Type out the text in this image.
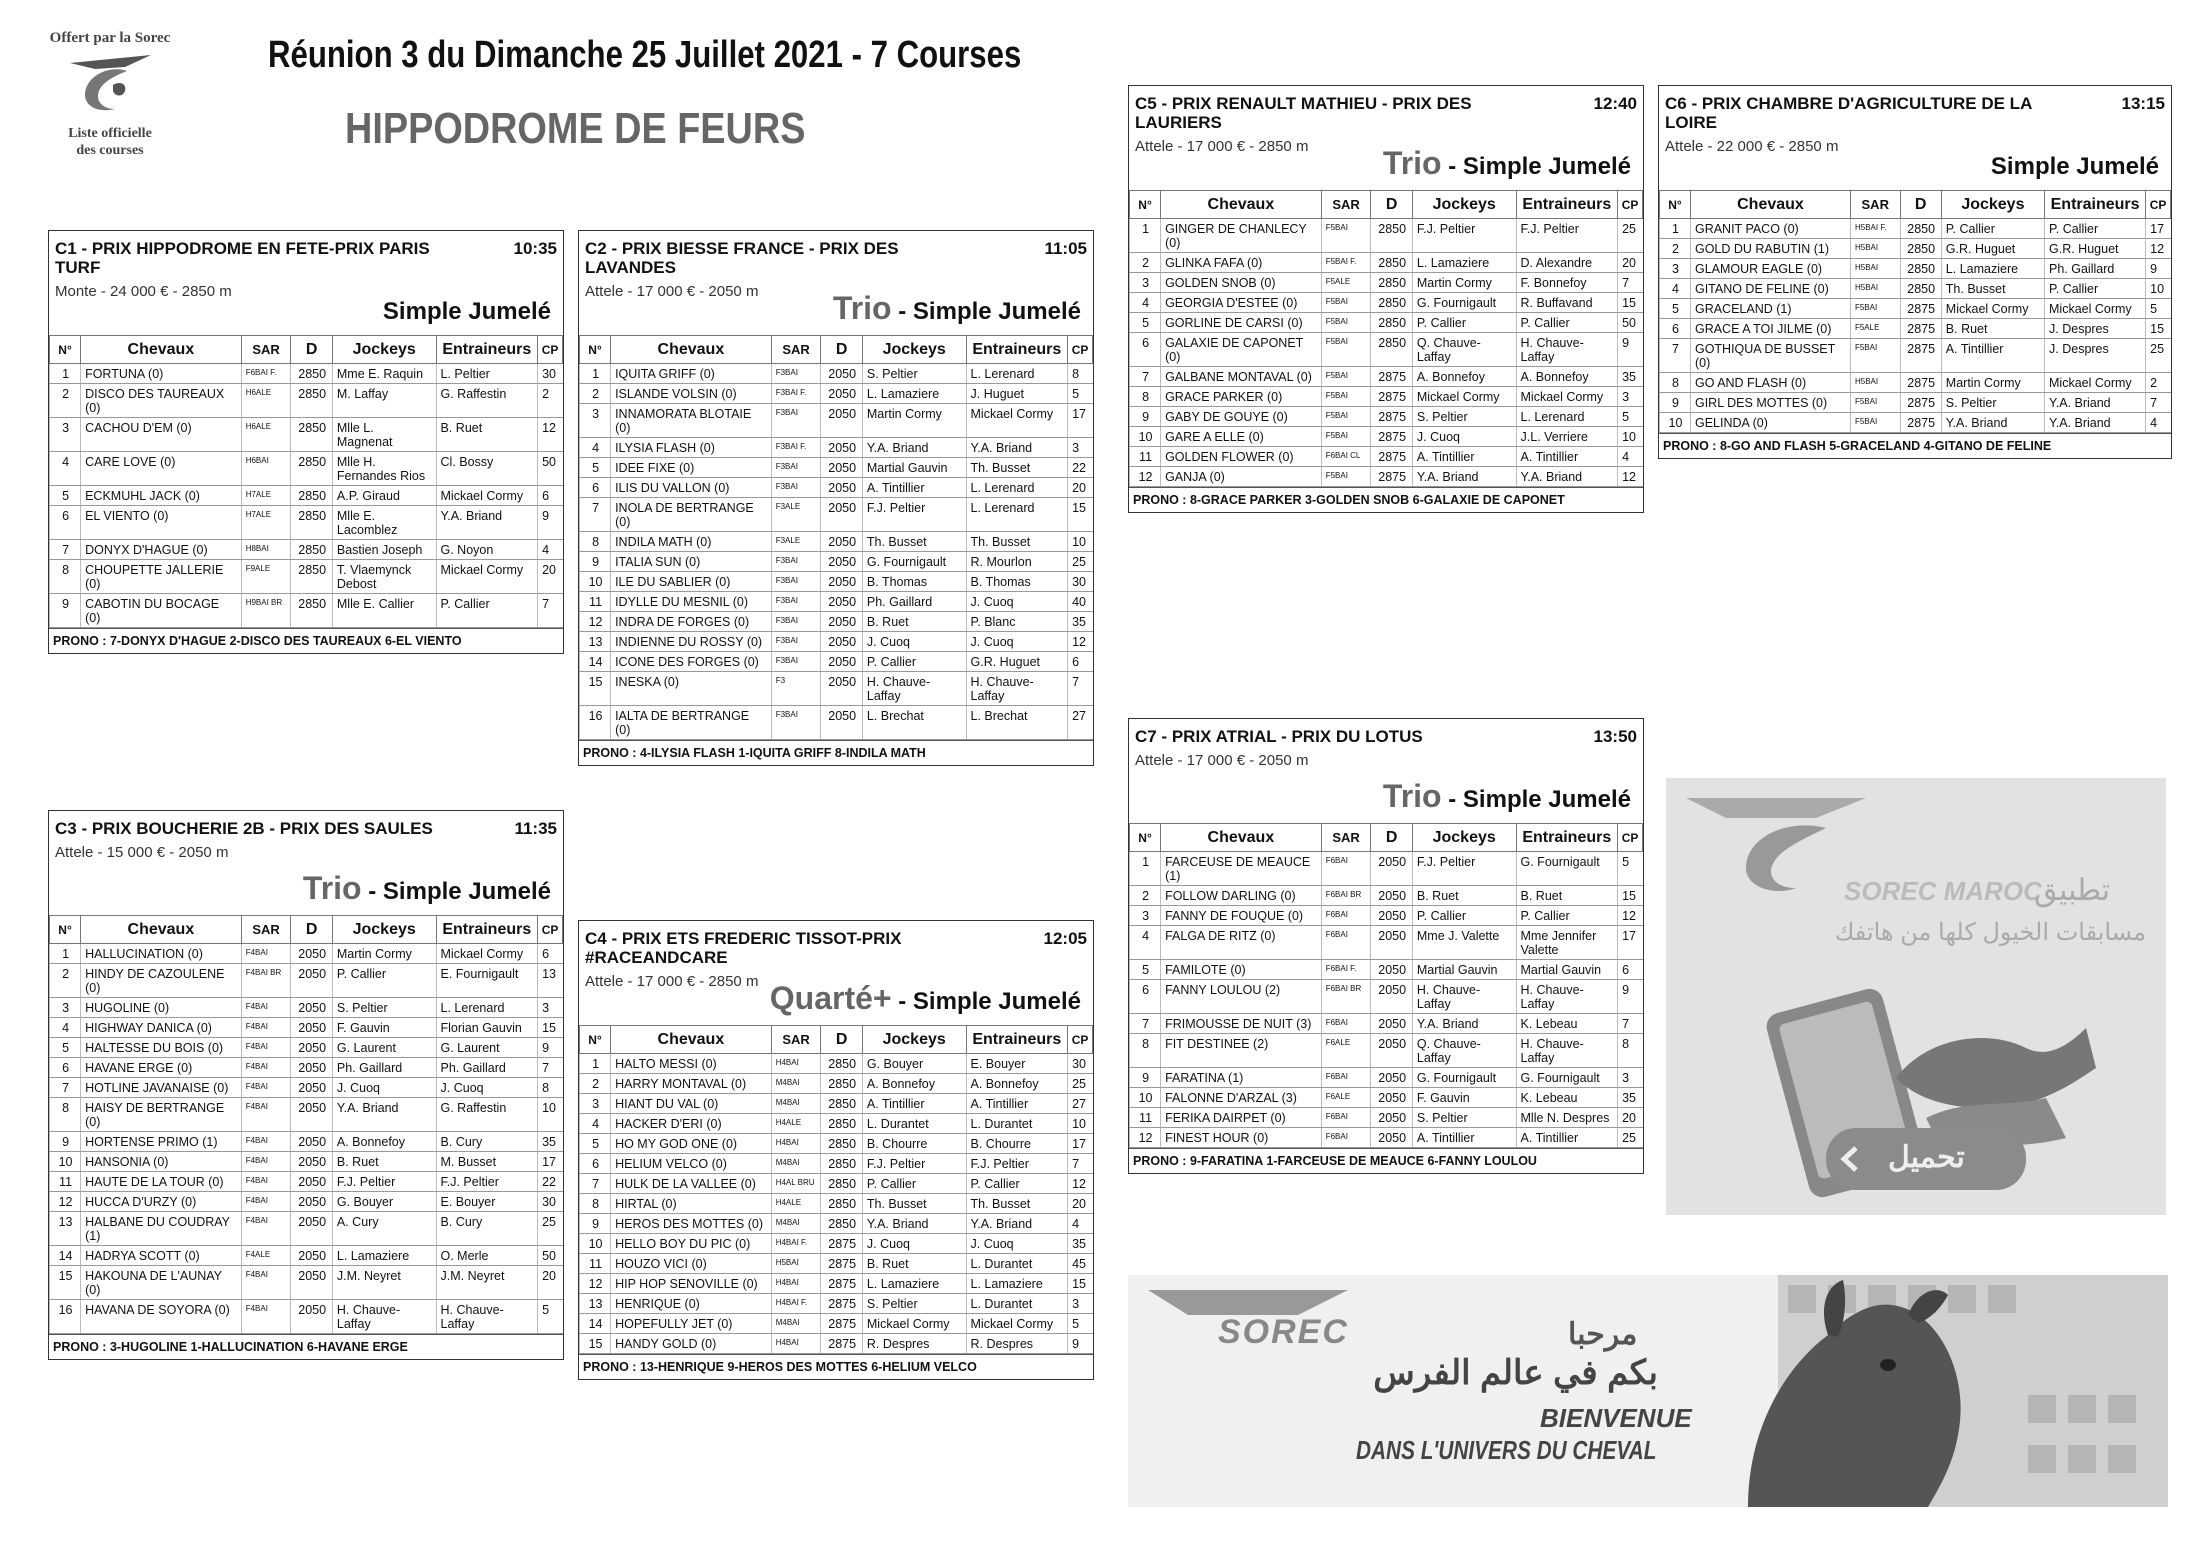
Offert par la Sorec
Liste officielle
des courses
Réunion 3 du Dimanche 25 Juillet 2021 - 7 Courses
HIPPODROME DE FEURS
C1 - PRIX HIPPODROME EN FETE-PRIX PARIS TURF
10:35
Monte - 24 000 € - 2850 m
Simple Jumelé
N°	Chevaux	SAR	D	Jockeys	Entraineurs	CP
1	FORTUNA (0)	F6BAI F.	2850	Mme E. Raquin	L. Peltier	30
2	DISCO DES TAUREAUX (0)	H6ALE	2850	M. Laffay	G. Raffestin	2
3	CACHOU D'EM (0)	H6ALE	2850	Mlle L. Magnenat	B. Ruet	12
4	CARE LOVE (0)	H6BAI	2850	Mlle H. Fernandes Rios	Cl. Bossy	50
5	ECKMUHL JACK (0)	H7ALE	2850	A.P. Giraud	Mickael Cormy	6
6	EL VIENTO (0)	H7ALE	2850	Mlle E. Lacomblez	Y.A. Briand	9
7	DONYX D'HAGUE (0)	H8BAI	2850	Bastien Joseph	G. Noyon	4
8	CHOUPETTE JALLERIE (0)	F9ALE	2850	T. Vlaemynck Debost	Mickael Cormy	20
9	CABOTIN DU BOCAGE (0)	H9BAI BR	2850	Mlle E. Callier	P. Callier	7
PRONO : 7-DONYX D'HAGUE 2-DISCO DES TAUREAUX 6-EL VIENTO
C2 - PRIX BIESSE FRANCE - PRIX DES LAVANDES
11:05
Attele - 17 000 € - 2050 m	Trio - Simple Jumelé
N°	Chevaux	SAR	D	Jockeys	Entraineurs	CP
1	IQUITA GRIFF (0)	F3BAI	2050	S. Peltier	L. Lerenard	8
2	ISLANDE VOLSIN (0)	F3BAI F.	2050	L. Lamaziere	J. Huguet	5
3	INNAMORATA BLOTAIE (0)	F3BAI	2050	Martin Cormy	Mickael Cormy	17
4	ILYSIA FLASH (0)	F3BAI F.	2050	Y.A. Briand	Y.A. Briand	3
5	IDEE FIXE (0)	F3BAI	2050	Martial Gauvin	Th. Busset	22
6	ILIS DU VALLON (0)	F3BAI	2050	A. Tintillier	L. Lerenard	20
7	INOLA DE BERTRANGE (0)	F3ALE	2050	F.J. Peltier	L. Lerenard	15
8	INDILA MATH (0)	F3ALE	2050	Th. Busset	Th. Busset	10
9	ITALIA SUN (0)	F3BAI	2050	G. Fournigault	R. Mourlon	25
10	ILE DU SABLIER (0)	F3BAI	2050	B. Thomas	B. Thomas	30
11	IDYLLE DU MESNIL (0)	F3BAI	2050	Ph. Gaillard	J. Cuoq	40
12	INDRA DE FORGES (0)	F3BAI	2050	B. Ruet	P. Blanc	35
13	INDIENNE DU ROSSY (0)	F3BAI	2050	J. Cuoq	J. Cuoq	12
14	ICONE DES FORGES (0)	F3BAI	2050	P. Callier	G.R. Huguet	6
15	INESKA (0)	F3	2050	H. Chauve-Laffay	H. Chauve-Laffay	7
16	IALTA DE BERTRANGE (0)	F3BAI	2050	L. Brechat	L. Brechat	27
PRONO : 4-ILYSIA FLASH 1-IQUITA GRIFF 8-INDILA MATH
C3 - PRIX BOUCHERIE 2B - PRIX DES SAULES	11:35
Attele - 15 000 € - 2050 m
Trio - Simple Jumelé
N°	Chevaux	SAR	D	Jockeys	Entraineurs	CP
1	HALLUCINATION (0)	F4BAI	2050	Martin Cormy	Mickael Cormy	6
2	HINDY DE CAZOULENE (0)	F4BAI BR	2050	P. Callier	E. Fournigault	13
3	HUGOLINE (0)	F4BAI	2050	S. Peltier	L. Lerenard	3
4	HIGHWAY DANICA (0)	F4BAI	2050	F. Gauvin	Florian Gauvin	15
5	HALTESSE DU BOIS (0)	F4BAI	2050	G. Laurent	G. Laurent	9
6	HAVANE ERGE (0)	F4BAI	2050	Ph. Gaillard	Ph. Gaillard	7
7	HOTLINE JAVANAISE (0)	F4BAI	2050	J. Cuoq	J. Cuoq	8
8	HAISY DE BERTRANGE (0)	F4BAI	2050	Y.A. Briand	G. Raffestin	10
9	HORTENSE PRIMO (1)	F4BAI	2050	A. Bonnefoy	B. Cury	35
10	HANSONIA (0)	F4BAI	2050	B. Ruet	M. Busset	17
11	HAUTE DE LA TOUR (0)	F4BAI	2050	F.J. Peltier	F.J. Peltier	22
12	HUCCA D'URZY (0)	F4BAI	2050	G. Bouyer	E. Bouyer	30
13	HALBANE DU COUDRAY (1)	F4BAI	2050	A. Cury	B. Cury	25
14	HADRYA SCOTT (0)	F4ALE	2050	L. Lamaziere	O. Merle	50
15	HAKOUNA DE L'AUNAY (0)	F4BAI	2050	J.M. Neyret	J.M. Neyret	20
16	HAVANA DE SOYORA (0)	F4BAI	2050	H. Chauve-Laffay	H. Chauve-Laffay	5
PRONO : 3-HUGOLINE 1-HALLUCINATION 6-HAVANE ERGE
C4 - PRIX ETS FREDERIC TISSOT-PRIX #RACEANDCARE
12:05
Attele - 17 000 € - 2850 m Quarté+ - Simple Jumelé
N°	Chevaux	SAR	D	Jockeys	Entraineurs	CP
1	HALTO MESSI (0)	H4BAI	2850	G. Bouyer	E. Bouyer	30
2	HARRY MONTAVAL (0)	M4BAI	2850	A. Bonnefoy	A. Bonnefoy	25
3	HIANT DU VAL (0)	M4BAI	2850	A. Tintillier	A. Tintillier	27
4	HACKER D'ERI (0)	H4ALE	2850	L. Durantet	L. Durantet	10
5	HO MY GOD ONE (0)	H4BAI	2850	B. Chourre	B. Chourre	17
6	HELIUM VELCO (0)	M4BAI	2850	F.J. Peltier	F.J. Peltier	7
7	HULK DE LA VALLEE (0)	H4AL BRU	2850	P. Callier	P. Callier	12
8	HIRTAL (0)	H4ALE	2850	Th. Busset	Th. Busset	20
9	HEROS DES MOTTES (0)	M4BAI	2850	Y.A. Briand	Y.A. Briand	4
10	HELLO BOY DU PIC (0)	H4BAI F.	2875	J. Cuoq	J. Cuoq	35
11	HOUZO VICI (0)	H5BAI	2875	B. Ruet	L. Durantet	45
12	HIP HOP SENOVILLE (0)	H4BAI	2875	L. Lamaziere	L. Lamaziere	15
13	HENRIQUE (0)	H4BAI F.	2875	S. Peltier	L. Durantet	3
14	HOPEFULLY JET (0)	M4BAI	2875	Mickael Cormy	Mickael Cormy	5
15	HANDY GOLD (0)	H4BAI	2875	R. Despres	R. Despres	9
PRONO : 13-HENRIQUE 9-HEROS DES MOTTES 6-HELIUM VELCO
C5 - PRIX RENAULT MATHIEU - PRIX DES LAURIERS
12:40
Attele - 17 000 € - 2850 m	Trio - Simple Jumelé
N°	Chevaux	SAR	D	Jockeys	Entraineurs	CP
1	GINGER DE CHANLECY (0)	F5BAI	2850	F.J. Peltier	F.J. Peltier	25
2	GLINKA FAFA (0)	F5BAI F.	2850	L. Lamaziere	D. Alexandre	20
3	GOLDEN SNOB (0)	F5ALE	2850	Martin Cormy	F. Bonnefoy	7
4	GEORGIA D'ESTEE (0)	F5BAI	2850	G. Fournigault	R. Buffavand	15
5	GORLINE DE CARSI (0)	F5BAI	2850	P. Callier	P. Callier	50
6	GALAXIE DE CAPONET (0)	F5BAI	2850	Q. Chauve-Laffay	H. Chauve-Laffay	9
7	GALBANE MONTAVAL (0)	F5BAI	2875	A. Bonnefoy	A. Bonnefoy	35
8	GRACE PARKER (0)	F5BAI	2875	Mickael Cormy	Mickael Cormy	3
9	GABY DE GOUYE (0)	F5BAI	2875	S. Peltier	L. Lerenard	5
10	GARE A ELLE (0)	F5BAI	2875	J. Cuoq	J.L. Verriere	10
11	GOLDEN FLOWER (0)	F6BAI CL	2875	A. Tintillier	A. Tintillier	4
12	GANJA (0)	F5BAI	2875	Y.A. Briand	Y.A. Briand	12
PRONO : 8-GRACE PARKER 3-GOLDEN SNOB 6-GALAXIE DE CAPONET
C6 - PRIX CHAMBRE D'AGRICULTURE DE LA LOIRE
13:15
Attele - 22 000 € - 2850 m
Simple Jumelé
N°	Chevaux	SAR	D	Jockeys	Entraineurs	CP
1	GRANIT PACO (0)	H5BAI F.	2850	P. Callier	P. Callier	17
2	GOLD DU RABUTIN (1)	H5BAI	2850	G.R. Huguet	G.R. Huguet	12
3	GLAMOUR EAGLE (0)	H5BAI	2850	L. Lamaziere	Ph. Gaillard	9
4	GITANO DE FELINE (0)	H5BAI	2850	Th. Busset	P. Callier	10
5	GRACELAND (1)	F5BAI	2875	Mickael Cormy	Mickael Cormy	5
6	GRACE A TOI JILME (0)	F5ALE	2875	B. Ruet	J. Despres	15
7	GOTHIQUA DE BUSSET (0)	F5BAI	2875	A. Tintillier	J. Despres	25
8	GO AND FLASH (0)	H5BAI	2875	Martin Cormy	Mickael Cormy	2
9	GIRL DES MOTTES (0)	F5BAI	2875	S. Peltier	Y.A. Briand	7
10	GELINDA (0)	F5BAI	2875	Y.A. Briand	Y.A. Briand	4
PRONO : 8-GO AND FLASH 5-GRACELAND 4-GITANO DE FELINE
C7 - PRIX ATRIAL - PRIX DU LOTUS	13:50
Attele - 17 000 € - 2050 m
Trio - Simple Jumelé
N°	Chevaux	SAR	D	Jockeys	Entraineurs	CP
1	FARCEUSE DE MEAUCE (1)	F6BAI	2050	F.J. Peltier	G. Fournigault	5
2	FOLLOW DARLING (0)	F6BAI BR	2050	B. Ruet	B. Ruet	15
3	FANNY DE FOUQUE (0)	F6BAI	2050	P. Callier	P. Callier	12
4	FALGA DE RITZ (0)	F6BAI	2050	Mme J. Valette	Mme Jennifer Valette	17
5	FAMILOTE (0)	F6BAI F.	2050	Martial Gauvin	Martial Gauvin	6
6	FANNY LOULOU (2)	F6BAI BR	2050	H. Chauve-Laffay	H. Chauve-Laffay	9
7	FRIMOUSSE DE NUIT (3)	F6BAI	2050	Y.A. Briand	K. Lebeau	7
8	FIT DESTINEE (2)	F6ALE	2050	Q. Chauve-Laffay	H. Chauve-Laffay	8
9	FARATINA (1)	F6BAI	2050	G. Fournigault	G. Fournigault	3
10	FALONNE D'ARZAL (3)	F6ALE	2050	F. Gauvin	K. Lebeau	35
11	FERIKA DAIRPET (0)	F6BAI	2050	S. Peltier	Mlle N. Despres	20
12	FINEST HOUR (0)	F6BAI	2050	A. Tintillier	A. Tintillier	25
PRONO : 9-FARATINA 1-FARCEUSE DE MEAUCE 6-FANNY LOULOU
SOREC MAROC
تطبيق
مسابقات الخيول كلها من هاتفك
تحميل
SOREC	مرحبا
بكم في عالم الفرس
BIENVENUE
DANS L'UNIVERS DU CHEVAL
